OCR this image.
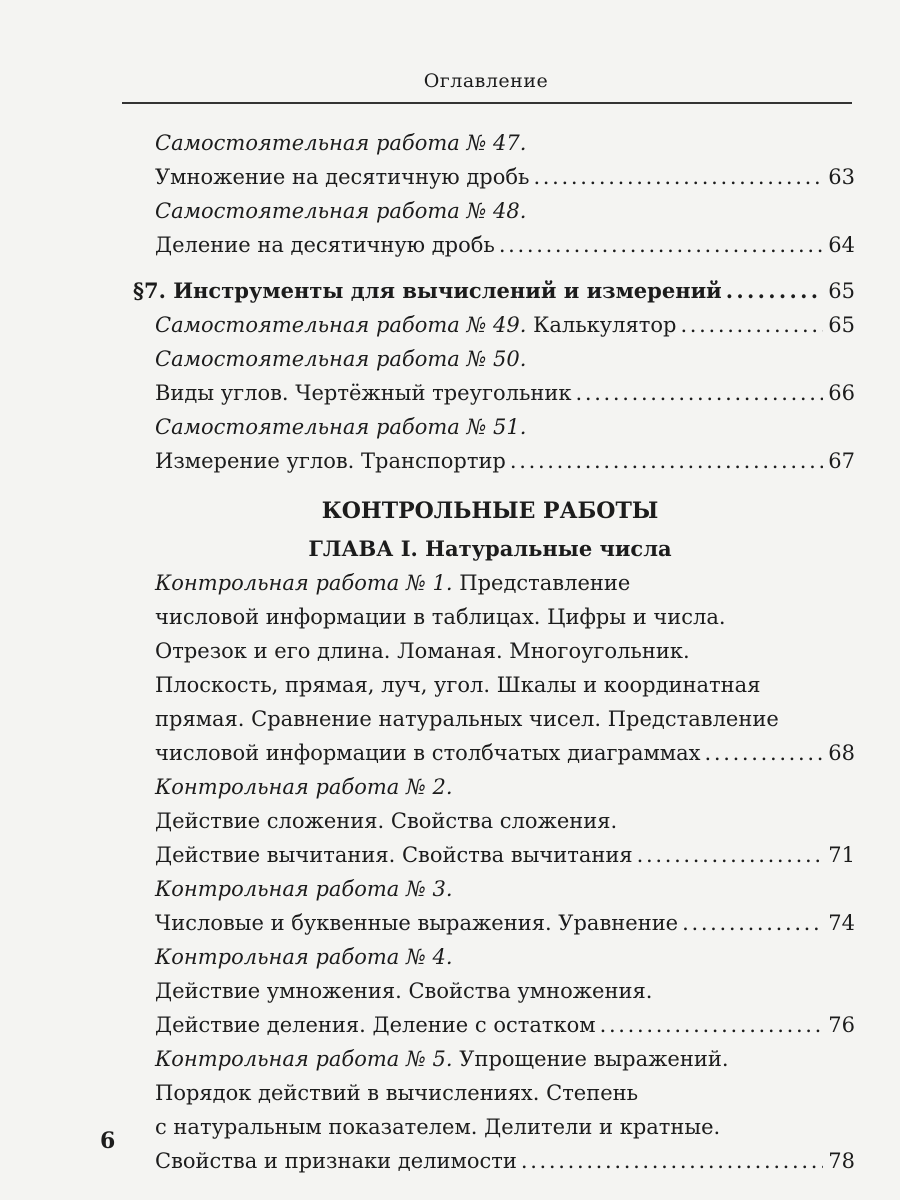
Оглавление
Самостоятельная работа № 47.
Умножение на десятичную дробь . . .	63
Самостоятельная работа № 48.
Деление на десятичную дробь . . .	64
§7. Инструменты для вычислений и измерений . . .	65
Самостоятельная работа № 49.
Калькулятор . . .	65
Самостоятельная работа № 50.
Виды углов. Чертёжный треугольник . . .	66
Самостоятельная работа № 51.
Измерение углов. Транспортир . . .	67
КОНТРОЛЬНЫЕ РАБОТЫ
ГЛАВА I. Натуральные числа
Контрольная работа № 1.
Представление
числовой информации в таблицах. Цифры и числа.
Отрезок и его длина. Ломаная. Многоугольник.
Плоскость, прямая, луч, угол. Шкалы и координатная
прямая. Сравнение натуральных чисел. Представление
числовой информации в столбчатых диаграммах . . .	68
Контрольная работа № 2.
Действие сложения. Свойства сложения.
Действие вычитания. Свойства вычитания . . .	71
Контрольная работа № 3.
Числовые и буквенные выражения. Уравнение . . .	74
Контрольная работа № 4.
Действие умножения. Свойства умножения.
Действие деления. Деление с остатком . . .	76
Контрольная работа № 5.
Упрощение выражений.
Порядок действий в вычислениях. Степень
с натуральным показателем. Делители и кратные.
Свойства и признаки делимости . . .	78
6
